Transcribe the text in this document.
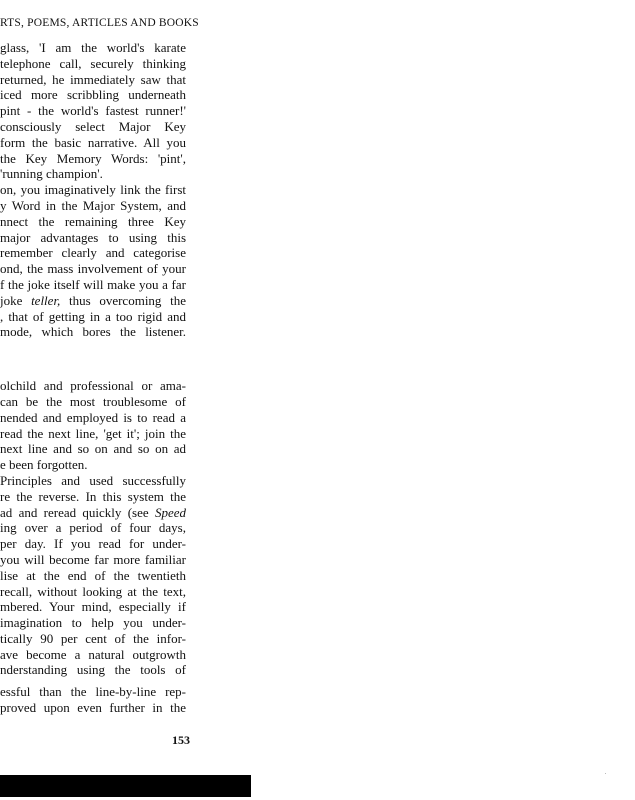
RTS, POEMS, ARTICLES AND BOOKS
glass, 'I am the world's karate
telephone call, securely thinking
returned, he immediately saw that
iced more scribbling underneath
pint - the world's fastest runner!'
consciously select Major Key
form the basic narrative. All you
the Key Memory Words: 'pint',
'running champion'.
on, you imaginatively link the first
y Word in the Major System, and
nnect the remaining three Key
major advantages to using this
remember clearly and categorise
ond, the mass involvement of your
f the joke itself will make you a far
joke teller, thus overcoming the
, that of getting in a too rigid and
mode, which bores the listener.
olchild and professional or ama-
can be the most troublesome of
nended and employed is to read a
read the next line, 'get it'; join the
next line and so on and so on ad
e been forgotten.
Principles and used successfully
re the reverse. In this system the
ad and reread quickly (see Speed
ing over a period of four days,
per day. If you read for under-
you will become far more familiar
lise at the end of the twentieth
recall, without looking at the text,
mbered. Your mind, especially if
imagination to help you under-
tically 90 per cent of the infor-
ave become a natural outgrowth
nderstanding using the tools of
essful than the line-by-line rep-
proved upon even further in the
153
